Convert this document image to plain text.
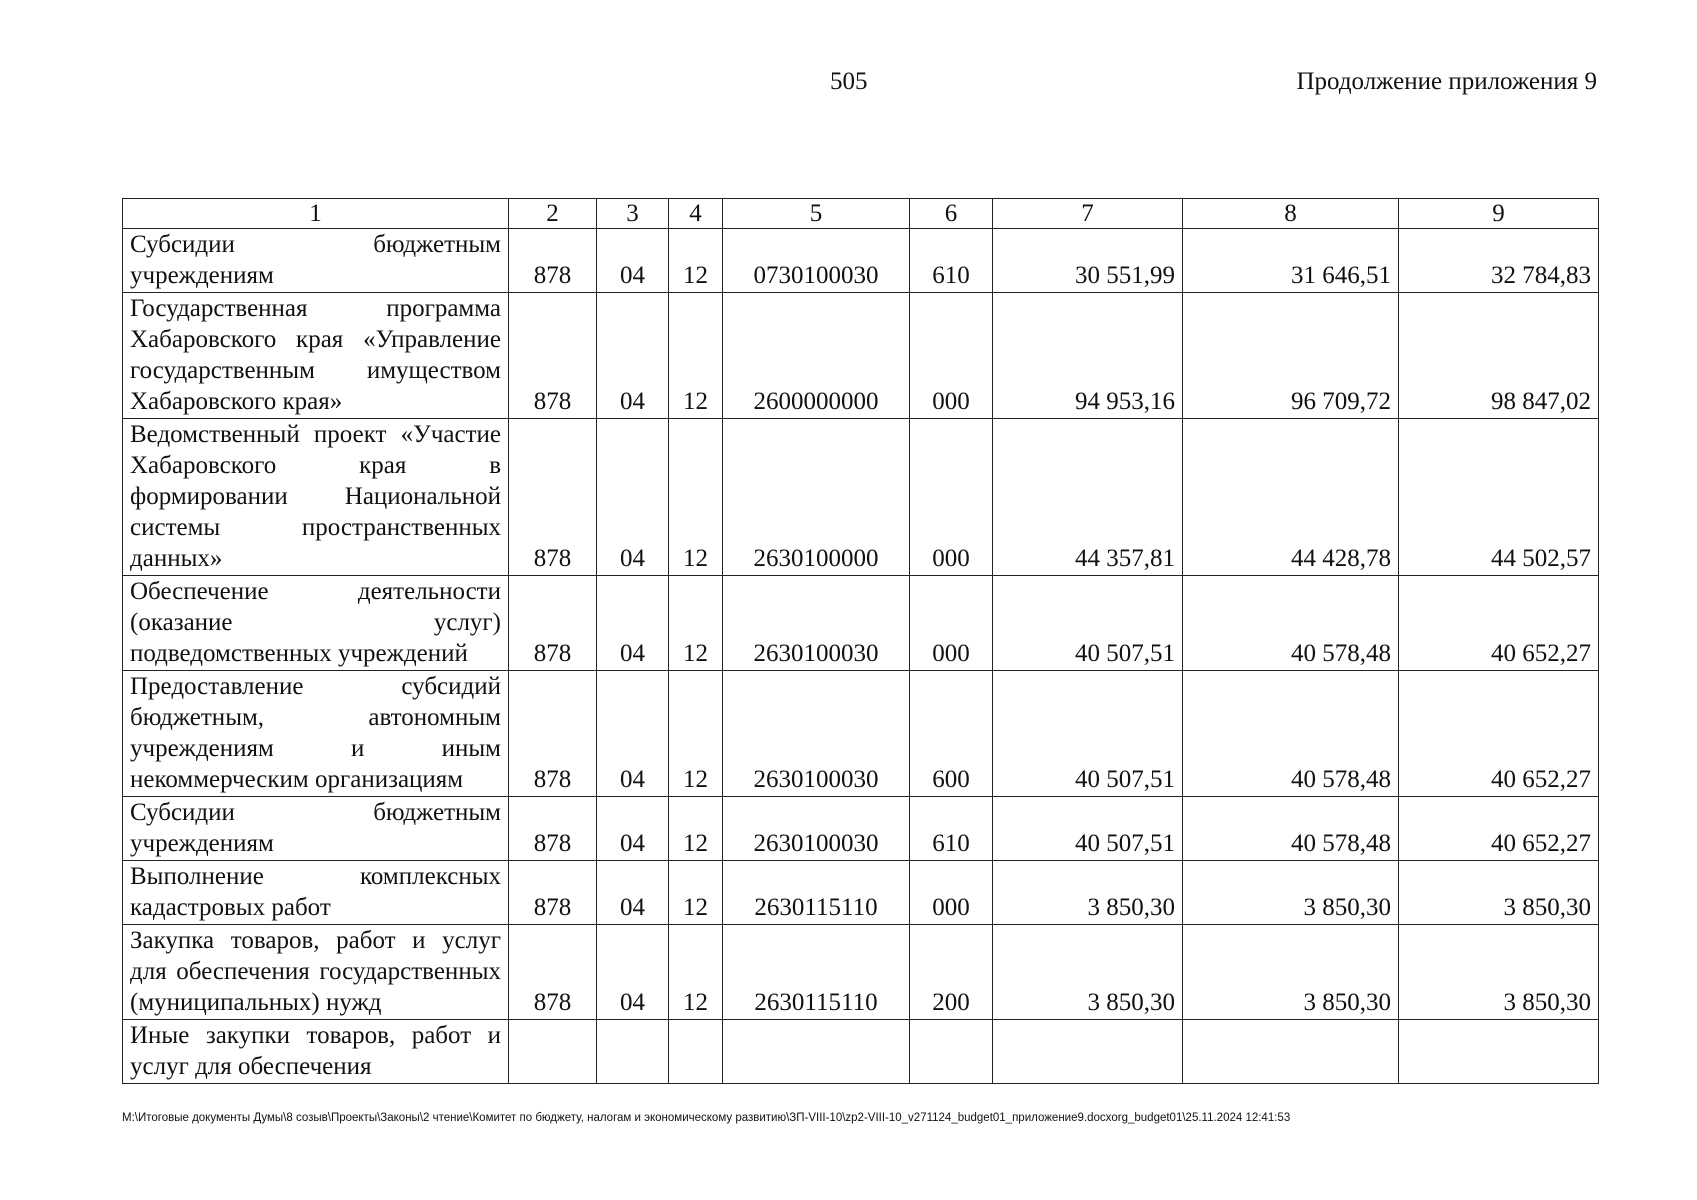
505	Продолжение приложения 9
1	2	3	4	5	6	7	8	9
Субсидии бюджетным учреждениям	878	04	12	0730100030	610	30 551,99	31 646,51	32 784,83
Государственная программа Хабаровского края «Управление государственным имуществом Хабаровского края»	878	04	12	2600000000	000	94 953,16	96 709,72	98 847,02
Ведомственный проект «Участие Хабаровского края в формировании Национальной системы пространственных данных»	878	04	12	2630100000	000	44 357,81	44 428,78	44 502,57
Обеспечение деятельности (оказание услуг) подведомственных учреждений	878	04	12	2630100030	000	40 507,51	40 578,48	40 652,27
Предоставление субсидий бюджетным, автономным учреждениям и иным некоммерческим организациям	878	04	12	2630100030	600	40 507,51	40 578,48	40 652,27
Субсидии бюджетным учреждениям	878	04	12	2630100030	610	40 507,51	40 578,48	40 652,27
Выполнение комплексных кадастровых работ	878	04	12	2630115110	000	3 850,30	3 850,30	3 850,30
Закупка товаров, работ и услуг для обеспечения государственных (муниципальных) нужд	878	04	12	2630115110	200	3 850,30	3 850,30	3 850,30
Иные закупки товаров, работ и услуг для обеспечения								
M:\Итоговые документы Думы\8 созыв\Проекты\Законы\2 чтение\Комитет по бюджету, налогам и экономическому развитию\ЗП-VIII-10\zp2-VIII-10_v271124_budget01_приложение9.docxorg_budget01\25.11.2024 12:41:53
